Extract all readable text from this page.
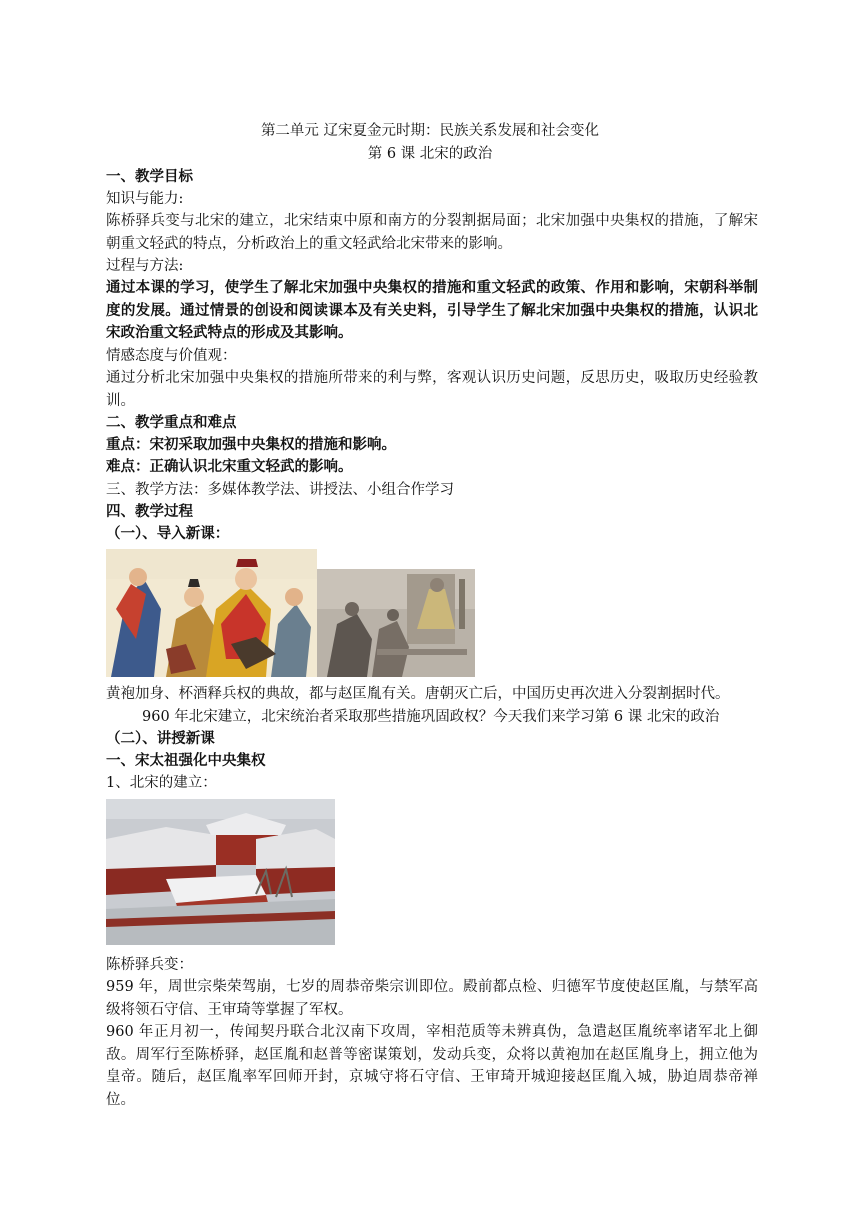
第二单元 辽宋夏金元时期：民族关系发展和社会变化
第 6 课 北宋的政治
一、教学目标
知识与能力:
陈桥驿兵变与北宋的建立，北宋结束中原和南方的分裂割据局面；北宋加强中央集权的措施，了解宋朝重文轻武的特点，分析政治上的重文轻武给北宋带来的影响。
过程与方法:
通过本课的学习，使学生了解北宋加强中央集权的措施和重文轻武的政策、作用和影响，宋朝科举制度的发展。通过情景的创设和阅读课本及有关史料，引导学生了解北宋加强中央集权的措施，认识北宋政治重文轻武特点的形成及其影响。
情感态度与价值观：
通过分析北宋加强中央集权的措施所带来的利与弊，客观认识历史问题，反思历史，吸取历史经验教训。
二、教学重点和难点
重点：宋初采取加强中央集权的措施和影响。
难点：正确认识北宋重文轻武的影响。
三、教学方法：多媒体教学法、讲授法、小组合作学习
四、教学过程
（一）、导入新课：
黄袍加身、杯酒释兵权的典故，都与赵匡胤有关。唐朝灭亡后，中国历史再次进入分裂割据时代。
960 年北宋建立，北宋统治者采取那些措施巩固政权？今天我们来学习第 6 课 北宋的政治
（二）、讲授新课
一、宋太祖强化中央集权
1、北宋的建立：
陈桥驿兵变：
959 年，周世宗柴荣驾崩，七岁的周恭帝柴宗训即位。殿前都点检、归德军节度使赵匡胤，与禁军高级将领石守信、王审琦等掌握了军权。
960 年正月初一，传闻契丹联合北汉南下攻周，宰相范质等未辨真伪，急遣赵匡胤统率诸军北上御敌。周军行至陈桥驿，赵匡胤和赵普等密谋策划，发动兵变，众将以黄袍加在赵匡胤身上，拥立他为皇帝。随后，赵匡胤率军回师开封，京城守将石守信、王审琦开城迎接赵匡胤入城，胁迫周恭帝禅位。
